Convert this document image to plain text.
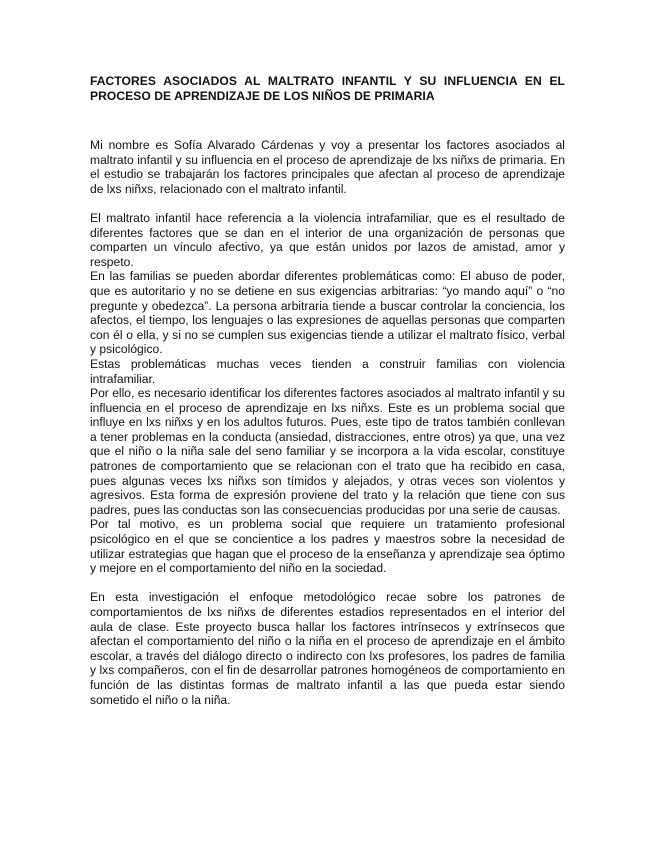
FACTORES ASOCIADOS AL MALTRATO INFANTIL Y SU INFLUENCIA EN EL PROCESO DE APRENDIZAJE DE LOS NIÑOS DE PRIMARIA

Mi nombre es Sofía Alvarado Cárdenas y voy a presentar los factores asociados al maltrato infantil y su influencia en el proceso de aprendizaje de lxs niñxs de primaria. En el estudio se trabajarán los factores principales que afectan al proceso de aprendizaje de lxs niñxs, relacionado con el maltrato infantil.

El maltrato infantil hace referencia a la violencia intrafamiliar, que es el resultado de diferentes factores que se dan en el interior de una organización de personas que comparten un vínculo afectivo, ya que están unidos por lazos de amistad, amor y respeto.

En las familias se pueden abordar diferentes problemáticas como: El abuso de poder, que es autoritario y no se detiene en sus exigencias arbitrarias: “yo mando aquí” o “no pregunte y obedezca”. La persona arbitraria tiende a buscar controlar la conciencia, los afectos, el tiempo, los lenguajes o las expresiones de aquellas personas que comparten con él o ella, y si no se cumplen sus exigencias tiende a utilizar el maltrato físico, verbal y psicológico.

Estas problemáticas muchas veces tienden a construir familias con violencia intrafamiliar.

Por ello, es necesario identificar los diferentes factores asociados al maltrato infantil y su influencia en el proceso de aprendizaje en lxs niñxs. Este es un problema social que influye en lxs niñxs y en los adultos futuros. Pues, este tipo de tratos también conllevan a tener problemas en la conducta (ansiedad, distracciones, entre otros) ya que, una vez que el niño o la niña sale del seno familiar y se incorpora a la vida escolar, constituye patrones de comportamiento que se relacionan con el trato que ha recibido en casa, pues algunas veces lxs niñxs son tímidos y alejados, y otras veces son violentos y agresivos. Esta forma de expresión proviene del trato y la relación que tiene con sus padres, pues las conductas son las consecuencias producidas por una serie de causas.

Por tal motivo, es un problema social que requiere un tratamiento profesional psicológico en el que se concientice a los padres y maestros sobre la necesidad de utilizar estrategias que hagan que el proceso de la enseñanza y aprendizaje sea óptimo y mejore en el comportamiento del niño en la sociedad.

En esta investigación el enfoque metodológico recae sobre los patrones de comportamientos de lxs niñxs de diferentes estadios representados en el interior del aula de clase. Este proyecto busca hallar los factores intrínsecos y extrínsecos que afectan el comportamiento del niño o la niña en el proceso de aprendizaje en el ámbito escolar, a través del diálogo directo o indirecto con lxs profesores, los padres de familia y lxs compañeros, con el fin de desarrollar patrones homogéneos de comportamiento en función de las distintas formas de maltrato infantil a las que pueda estar siendo sometido el niño o la niña.
